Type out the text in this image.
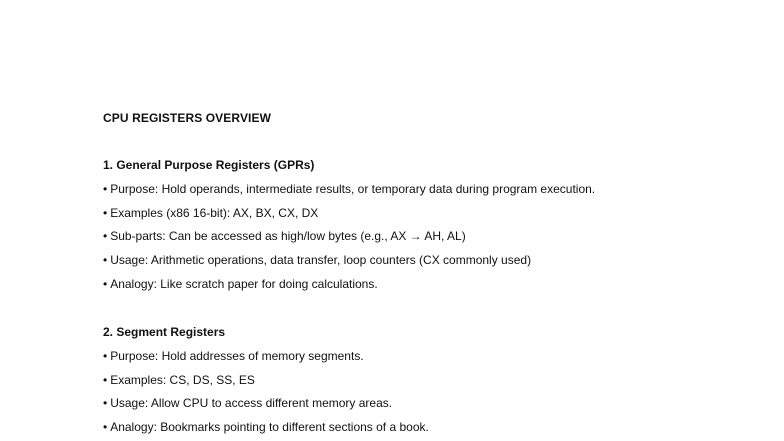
CPU REGISTERS OVERVIEW
1. General Purpose Registers (GPRs)
• Purpose: Hold operands, intermediate results, or temporary data during program execution.
• Examples (x86 16-bit): AX, BX, CX, DX
• Sub-parts: Can be accessed as high/low bytes (e.g., AX → AH, AL)
• Usage: Arithmetic operations, data transfer, loop counters (CX commonly used)
• Analogy: Like scratch paper for doing calculations.
2. Segment Registers
• Purpose: Hold addresses of memory segments.
• Examples: CS, DS, SS, ES
• Usage: Allow CPU to access different memory areas.
• Analogy: Bookmarks pointing to different sections of a book.
